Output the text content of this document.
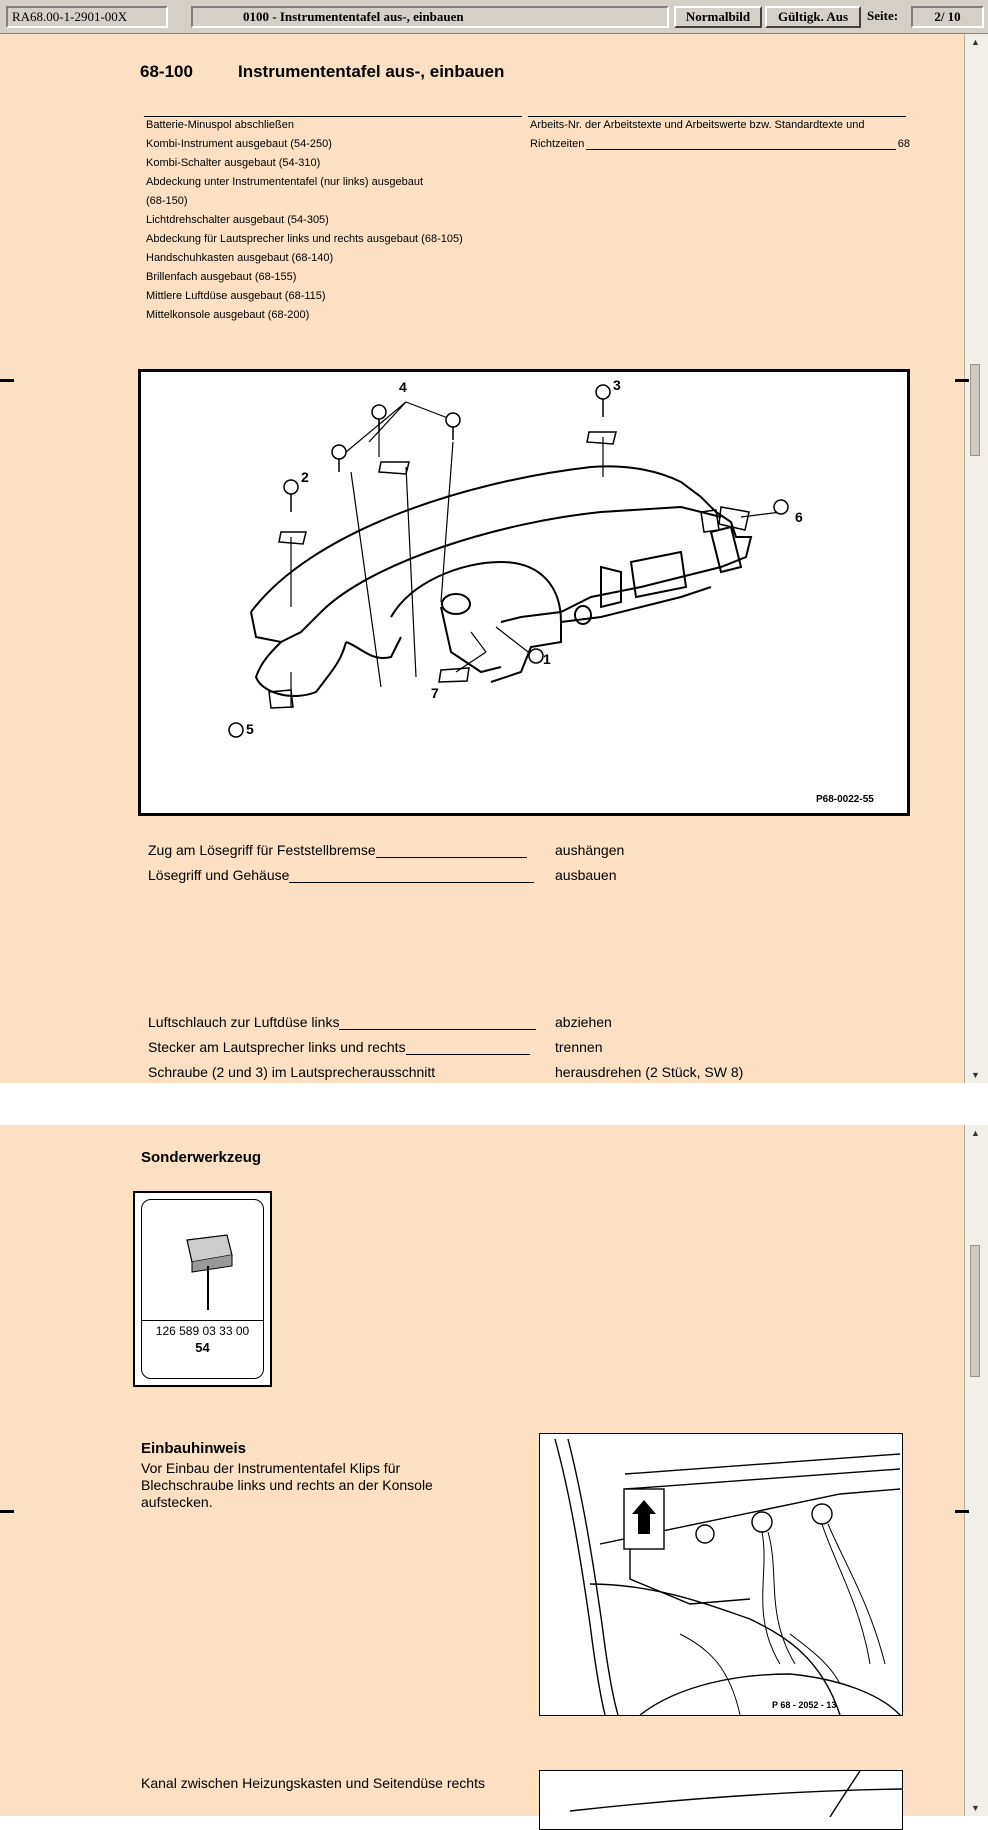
RA68.00-1-2901-00X	0100 - Instrumententafel aus-, einbauen	Normalbild	Gültigk. Aus	Seite:	2/ 10
68-100	Instrumententafel aus-, einbauen
Batterie-Minuspol abschließen
Kombi-Instrument ausgebaut (54-250)
Kombi-Schalter ausgebaut (54-310)
Abdeckung unter Instrumententafel (nur links) ausgebaut
(68-150)
Lichtdrehschalter ausgebaut (54-305)
Abdeckung für Lautsprecher links und rechts ausgebaut (68-105)
Handschuhkasten ausgebaut (68-140)
Brillenfach ausgebaut (68-155)
Mittlere Luftdüse ausgebaut (68-115)
Mittelkonsole ausgebaut (68-200)
Arbeits-Nr. der Arbeitstexte und Arbeitswerte bzw. Standardtexte und
Richtzeiten	68
1
2
3
4
5
6
7
P68-0022-55
Zug am Lösegriff für Feststellbremse	aushängen
Lösegriff und Gehäuse	ausbauen
Luftschlauch zur Luftdüse links	abziehen
Stecker am Lautsprecher links und rechts	trennen
Schraube (2 und 3) im Lautsprecherausschnitt	herausdrehen (2 Stück, SW 8)
▲
▼
Sonderwerkzeug
126 589 03 33 00
54
Einbauhinweis
Vor Einbau der Instrumententafel Klips für Blechschraube links und rechts an der Konsole aufstecken.
P 68 - 2052 - 13
Kanal zwischen Heizungskasten und Seitendüse rechts
▲
▼
